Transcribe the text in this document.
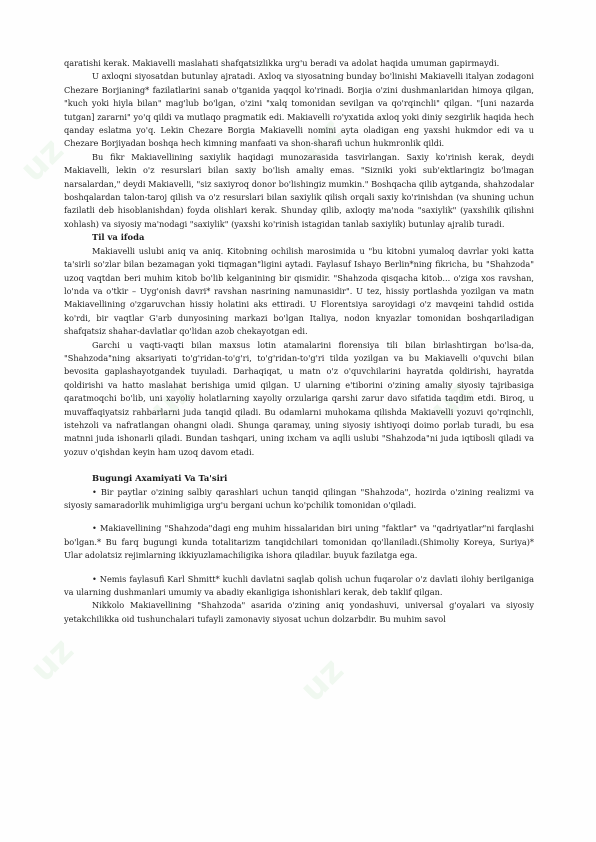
uz	uz
uz	uz
uz	uz

qaratishi kerak. Makiavelli maslahati shafqatsizlikka urg'u beradi va adolat haqida umuman gapirmaydi.

U axloqni siyosatdan butunlay ajratadi. Axloq va siyosatning bunday bo'linishi Makiavelli italyan zodagoni Chezare Borjianing* fazilatlarini sanab o'tganida yaqqol ko'rinadi. Borjia o'zini dushmanlaridan himoya qilgan, "kuch yoki hiyla bilan" mag'lub bo'lgan, o'zini "xalq tomonidan sevilgan va qo'rqinchli" qilgan. "[uni nazarda tutgan] zararni" yo'q qildi va mutlaqo pragmatik edi. Makiavelli ro'yxatida axloq yoki diniy sezgirlik haqida hech qanday eslatma yo'q. Lekin Chezare Borgia Makiavelli nomini ayta oladigan eng yaxshi hukmdor edi va u Chezare Borjiyadan boshqa hech kimning manfaati va shon-sharafi uchun hukmronlik qildi.

Bu fikr Makiavellining saxiylik haqidagi munozarasida tasvirlangan. Saxiy ko'rinish kerak, deydi Makiavelli, lekin o'z resurslari bilan saxiy bo'lish amaliy emas. "Sizniki yoki sub'ektlaringiz bo'lmagan narsalardan," deydi Makiavelli, "siz saxiyroq donor bo'lishingiz mumkin." Boshqacha qilib aytganda, shahzodalar boshqalardan talon-taroj qilish va o'z resurslari bilan saxiylik qilish orqali saxiy ko'rinishdan (va shuning uchun fazilatli deb hisoblanishdan) foyda olishlari kerak. Shunday qilib, axloqiy ma'noda "saxiylik" (yaxshilik qilishni xohlash) va siyosiy ma'nodagi "saxiylik" (yaxshi ko'rinish istagidan tanlab saxiylik) butunlay ajralib turadi.

Til va ifoda

Makiavelli uslubi aniq va aniq. Kitobning ochilish marosimida u "bu kitobni yumaloq davrlar yoki katta ta'sirli so'zlar bilan bezamagan yoki tiqmagan"ligini aytadi. Faylasuf Ishayo Berlin*ning fikricha, bu "Shahzoda" uzoq vaqtdan beri muhim kitob bo'lib kelganining bir qismidir. "Shahzoda qisqacha kitob... o'ziga xos ravshan, lo'nda va o'tkir – Uyg'onish davri* ravshan nasrining namunasidir". U tez, hissiy portlashda yozilgan va matn Makiavellining o'zgaruvchan hissiy holatini aks ettiradi. U Florentsiya saroyidagi o'z mavqeini tahdid ostida ko'rdi, bir vaqtlar G'arb dunyosining markazi bo'lgan Italiya, nodon knyazlar tomonidan boshqariladigan shafqatsiz shahar-davlatlar qo'lidan azob chekayotgan edi.

Garchi u vaqti-vaqti bilan maxsus lotin atamalarini florensiya tili bilan birlashtirgan bo'lsa-da, "Shahzoda"ning aksariyati to'g'ridan-to'g'ri, to'g'ridan-to'g'ri tilda yozilgan va bu Makiavelli o'quvchi bilan bevosita gaplashayotgandek tuyuladi. Darhaqiqat, u matn o'z o'quvchilarini hayratda qoldirishi, hayratda qoldirishi va hatto maslahat berishiga umid qilgan. U ularning e'tiborini o'zining amaliy siyosiy tajribasiga qaratmoqchi bo'lib, uni xayoliy holatlarning xayoliy orzulariga qarshi zarur davo sifatida taqdim etdi. Biroq, u muvaffaqiyatsiz rahbarlarni juda tanqid qiladi. Bu odamlarni muhokama qilishda Makiavelli yozuvi qo'rqinchli, istehzoli va nafratlangan ohangni oladi. Shunga qaramay, uning siyosiy ishtiyoqi doimo porlab turadi, bu esa matnni juda ishonarli qiladi. Bundan tashqari, uning ixcham va aqlli uslubi "Shahzoda"ni juda iqtibosli qiladi va yozuv o'qishdan keyin ham uzoq davom etadi.

Bugungi Axamiyati Va Ta'siri

• Bir paytlar o'zining salbiy qarashlari uchun tanqid qilingan "Shahzoda", hozirda o'zining realizmi va siyosiy samaradorlik muhimligiga urg'u bergani uchun ko'pchilik tomonidan o'qiladi.

• Makiavellining "Shahzoda"dagi eng muhim hissalaridan biri uning "faktlar" va "qadriyatlar"ni farqlashi bo'lgan.* Bu farq bugungi kunda totalitarizm tanqidchilari tomonidan qo'llaniladi.(Shimoliy Koreya, Suriya)* Ular adolatsiz rejimlarning ikkiyuzlamachiligika ishora qiladilar. buyuk fazilatga ega.

• Nemis faylasufi Karl Shmitt* kuchli davlatni saqlab qolish uchun fuqarolar o'z davlati ilohiy berilganiga va ularning dushmanlari umumiy va abadiy ekanligiga ishonishlari kerak, deb taklif qilgan.

Nikkolo Makiavellining "Shahzoda" asarida o'zining aniq yondashuvi, universal g'oyalari va siyosiy yetakchilikka oid tushunchalari tufayli zamonaviy siyosat uchun dolzarbdir. Bu muhim savol
